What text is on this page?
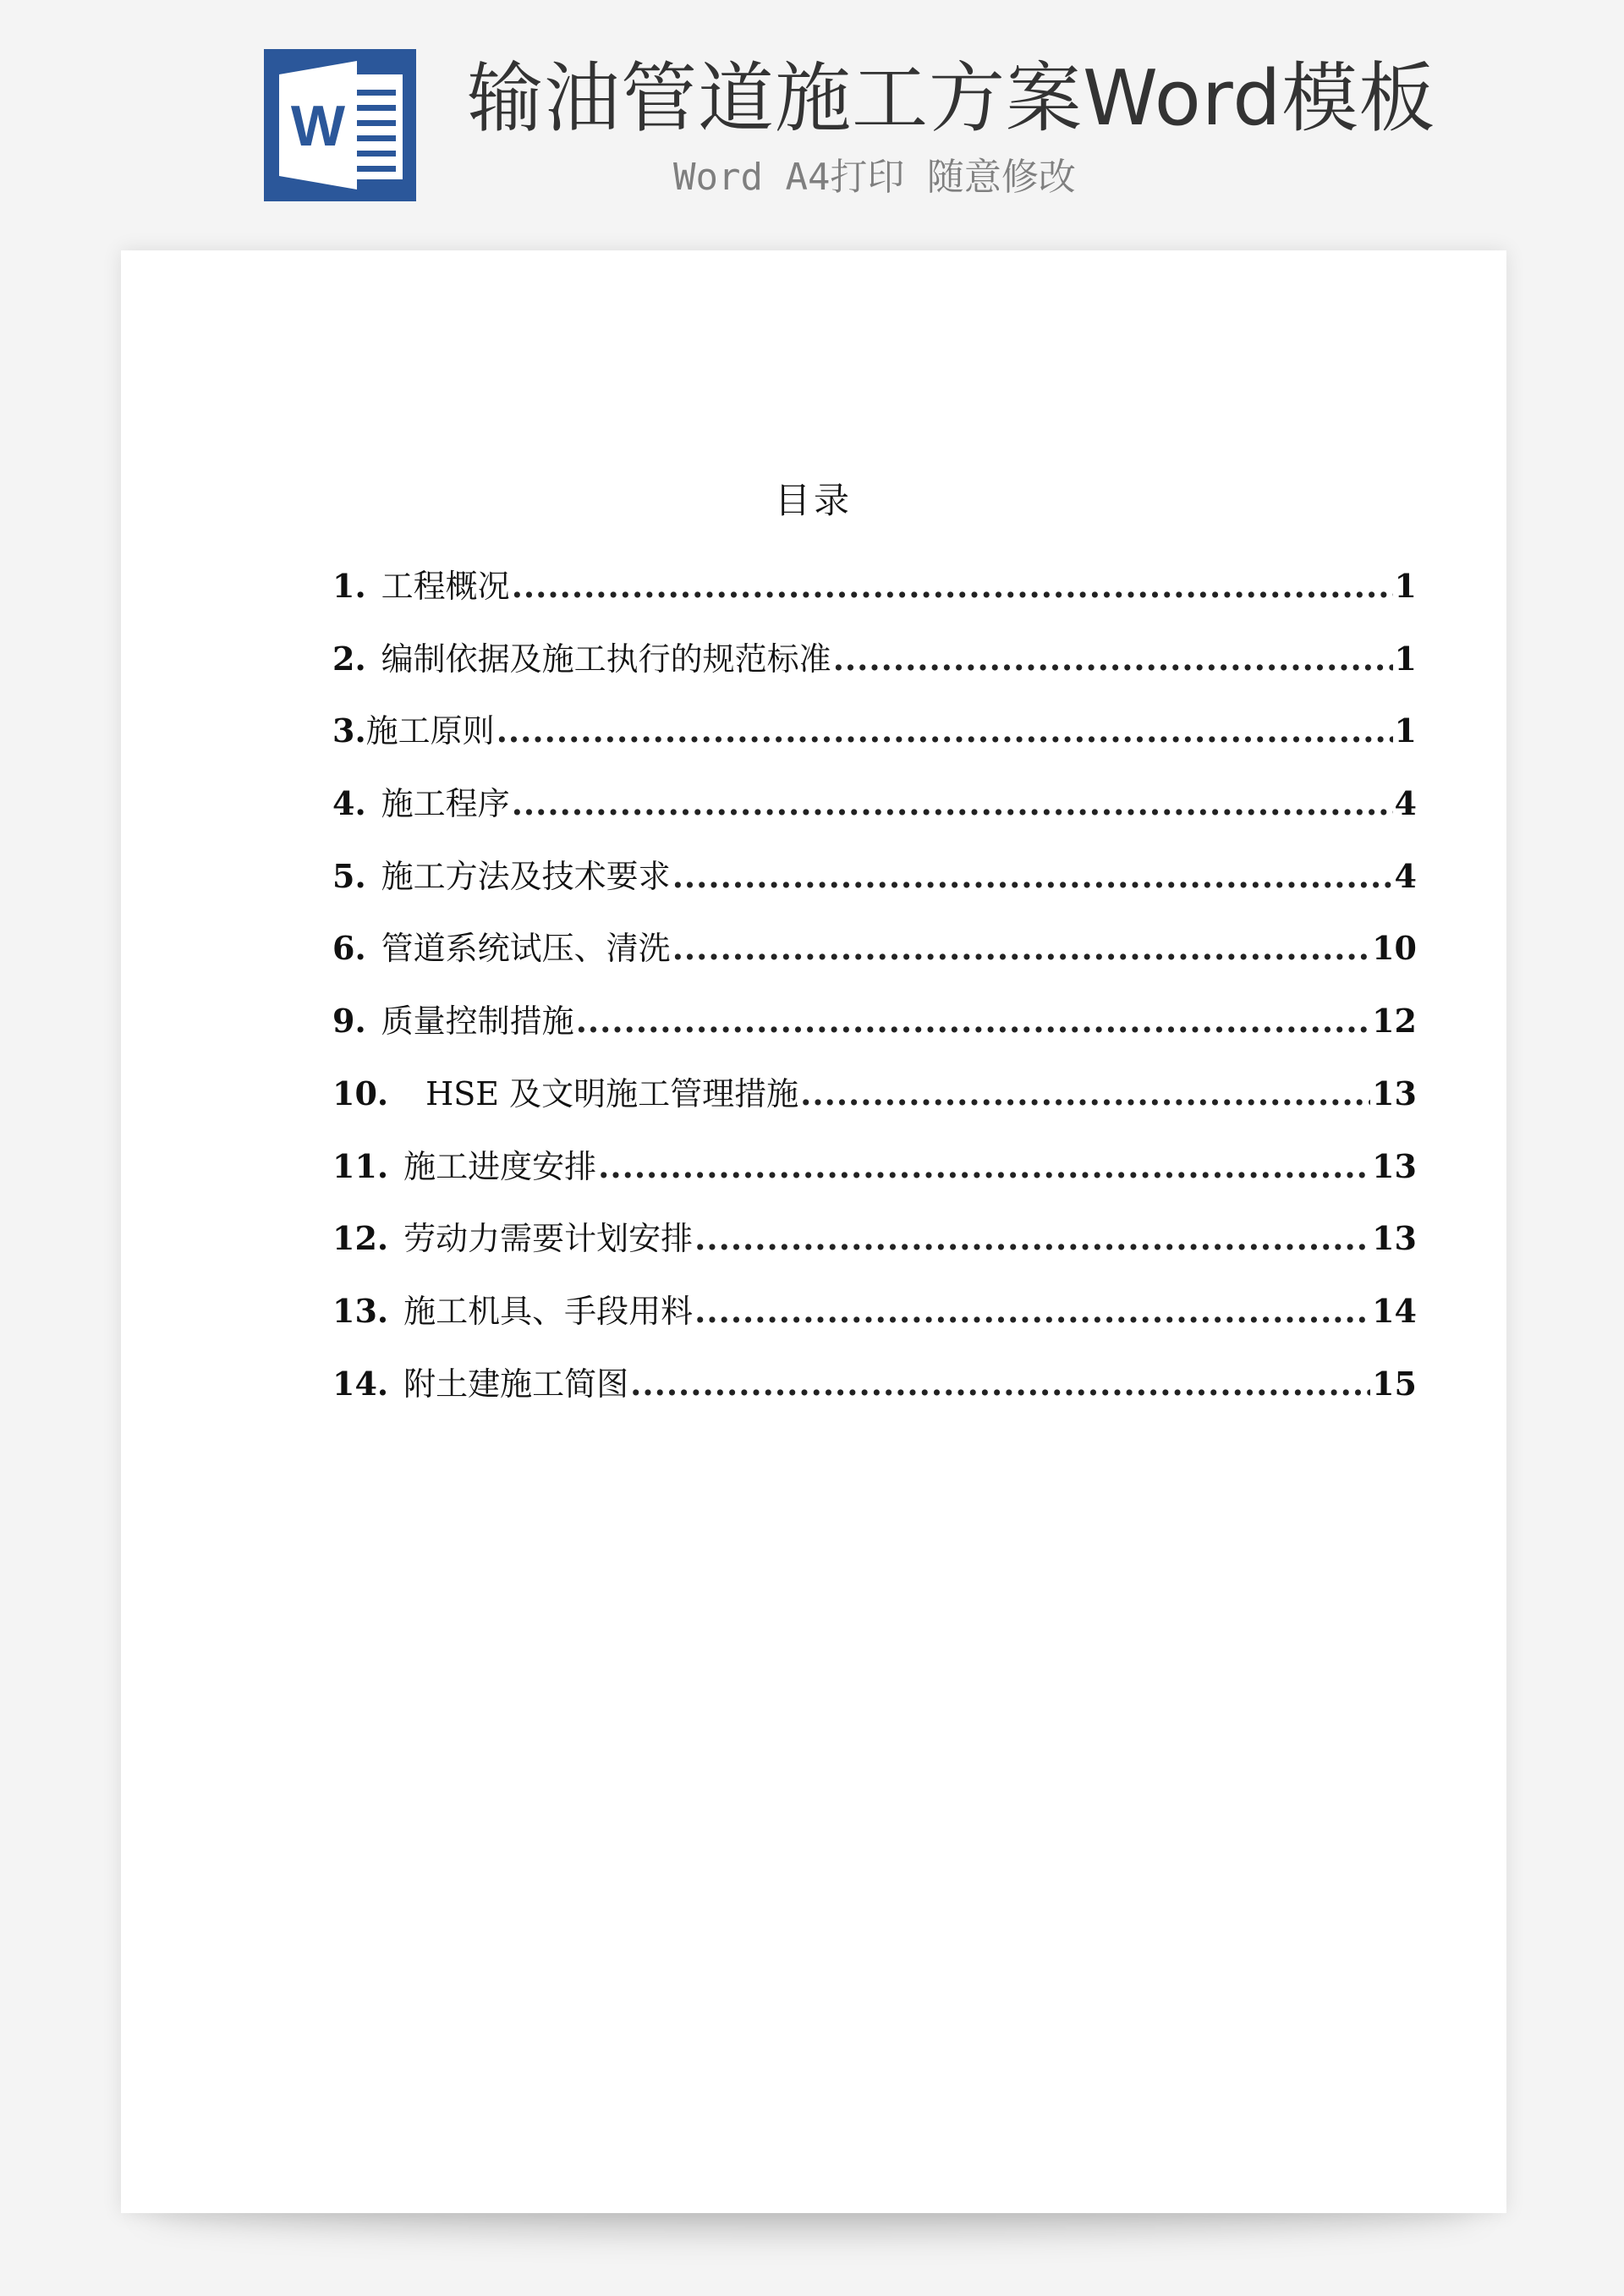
W 输油管道施工方案Word模板
Word A4打印 随意修改
目录
1. 工程概况 .....	1
2. 编制依据及施工执行的规范标准 .....	1
3. 施工原则 .....	1
4. 施工程序 .....	4
5. 施工方法及技术要求 .....	4
6. 管道系统试压、清洗 .....	10
9. 质量控制措施 .....	12
10.	HSE 及文明施工管理措施 .....	13
11. 施工进度安排 .....	13
12. 劳动力需要计划安排 .....	13
13. 施工机具、手段用料 .....	14
14. 附土建施工简图 .....	15
